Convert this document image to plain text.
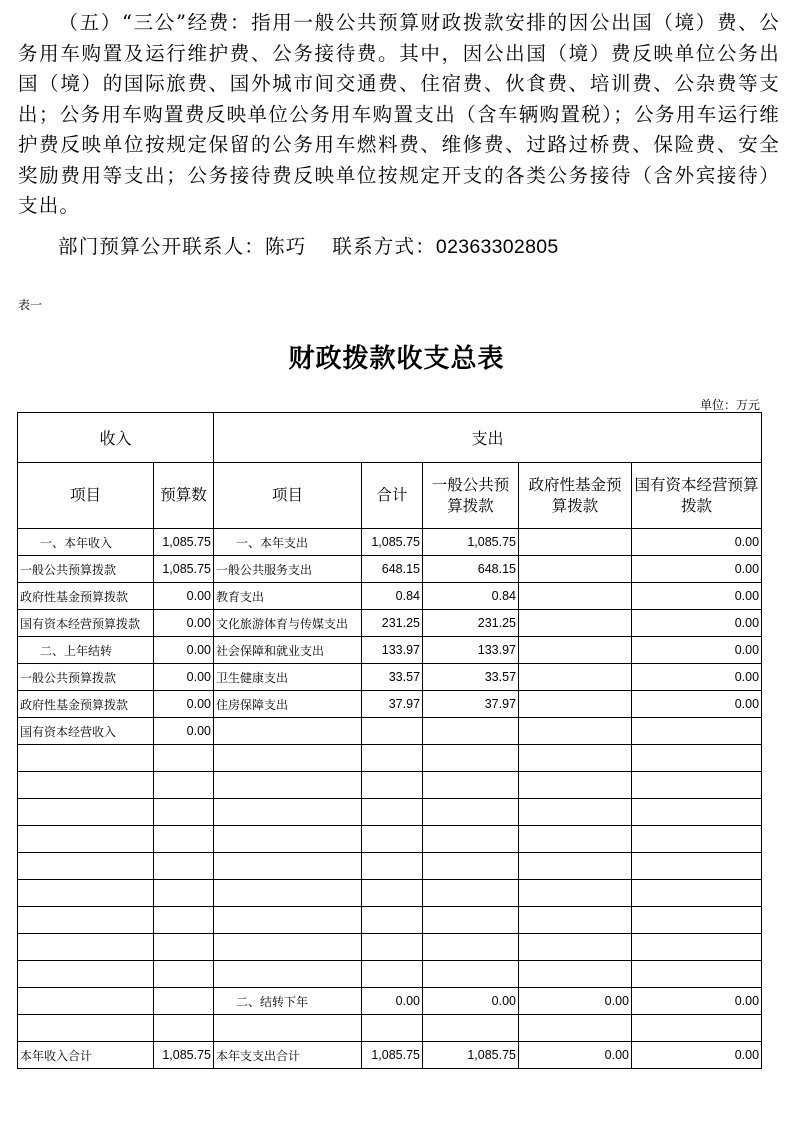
（五）“三公”经费：指用一般公共预算财政拨款安排的因公出国（境）费、公务用车购置及运行维护费、公务接待费。其中，因公出国（境）费反映单位公务出国（境）的国际旅费、国外城市间交通费、住宿费、伙食费、培训费、公杂费等支出；公务用车购置费反映单位公务用车购置支出（含车辆购置税）；公务用车运行维护费反映单位按规定保留的公务用车燃料费、维修费、过路过桥费、保险费、安全奖励费用等支出；公务接待费反映单位按规定开支的各类公务接待（含外宾接待）支出。
部门预算公开联系人：陈巧 联系方式：02363302805
表一
财政拨款收支总表
单位：万元
收入		支出				
项目	预算数	项目	合计	一般公共预算拨款	政府性基金预算拨款	国有资本经营预算拨款
一、本年收入	1,085.75	一、本年支出	1,085.75	1,085.75		0.00
一般公共预算拨款	1,085.75	一般公共服务支出	648.15	648.15		0.00
政府性基金预算拨款	0.00	教育支出	0.84	0.84		0.00
国有资本经营预算拨款	0.00	文化旅游体育与传媒支出	231.25	231.25		0.00
二、上年结转	0.00	社会保障和就业支出	133.97	133.97		0.00
一般公共预算拨款	0.00	卫生健康支出	33.57	33.57		0.00
政府性基金预算拨款	0.00	住房保障支出	37.97	37.97		0.00
国有资本经营收入	0.00					

		二、结转下年	0.00	0.00	0.00	0.00

本年收入合计	1,085.75	本年支支出合计	1,085.75	1,085.75	0.00	0.00
